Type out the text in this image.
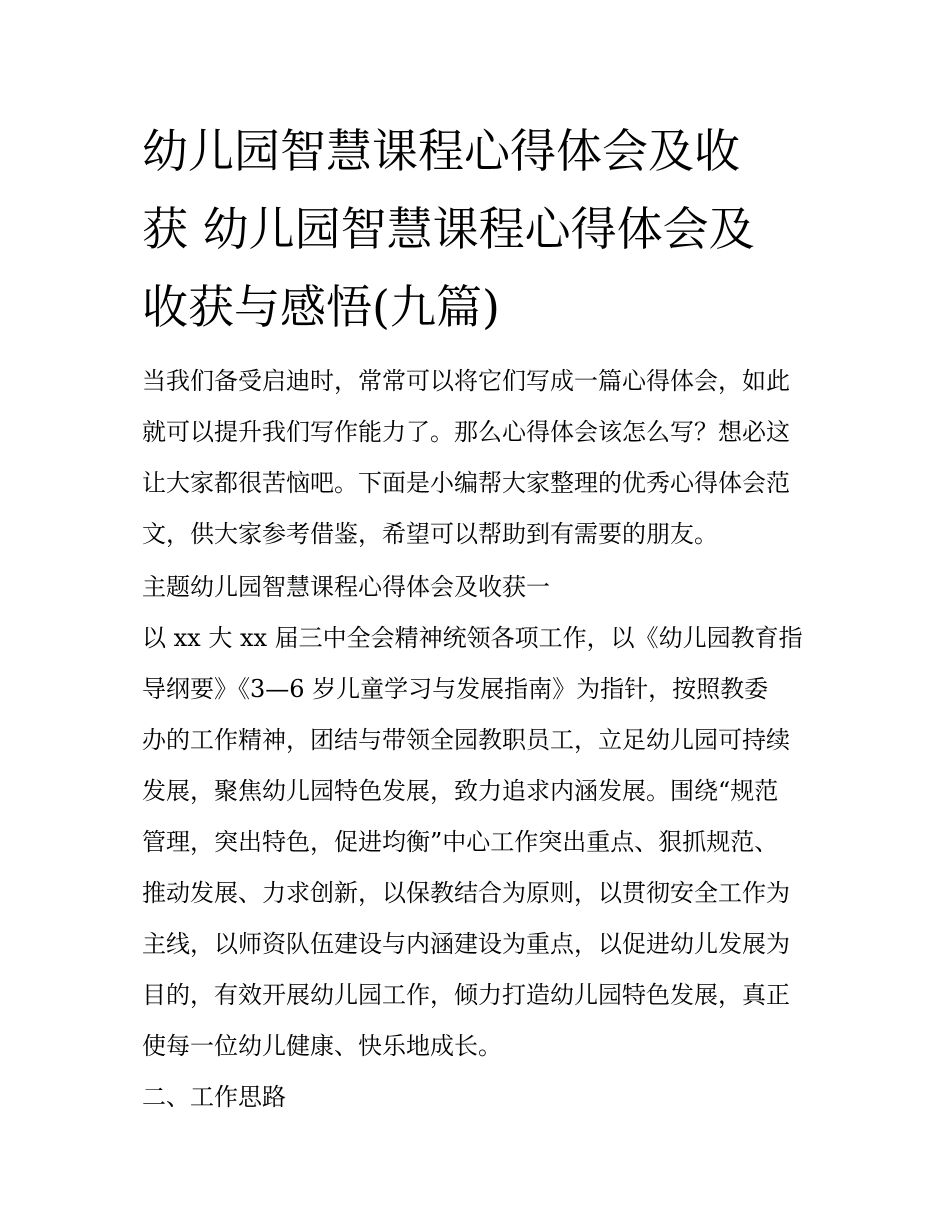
幼儿园智慧课程心得体会及收
获 幼儿园智慧课程心得体会及
收获与感悟(九篇)
当我们备受启迪时，常常可以将它们写成一篇心得体会，如此
就可以提升我们写作能力了。那么心得体会该怎么写？想必这
让大家都很苦恼吧。下面是小编帮大家整理的优秀心得体会范
文，供大家参考借鉴，希望可以帮助到有需要的朋友。
主题幼儿园智慧课程心得体会及收获一
以 xx 大 xx 届三中全会精神统领各项工作，以《幼儿园教育指
导纲要》《3—6 岁儿童学习与发展指南》为指针，按照教委
办的工作精神，团结与带领全园教职员工，立足幼儿园可持续
发展，聚焦幼儿园特色发展，致力追求内涵发展。围绕“规范
管理，突出特色，促进均衡”中心工作突出重点、狠抓规范、
推动发展、力求创新，以保教结合为原则，以贯彻安全工作为
主线，以师资队伍建设与内涵建设为重点，以促进幼儿发展为
目的，有效开展幼儿园工作，倾力打造幼儿园特色发展，真正
使每一位幼儿健康、快乐地成长。
二、工作思路
